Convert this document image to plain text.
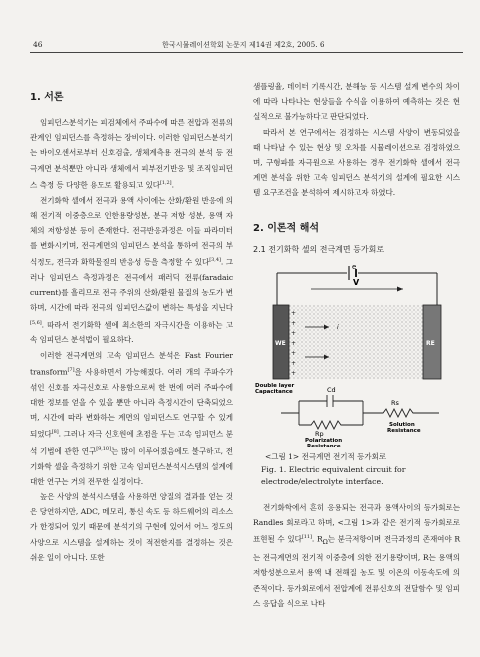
46	한국시뮬레이션학회 논문지 제14권 제2호, 2005. 6
1. 서론

임피던스분석기는 피검체에서 주파수에 따른 전압과 전류의 관계인 임피던스를 측정하는 장비이다. 이러한 임피던스분석기는 바이오센서로부터 신호검출, 생체계측용 전극의 분석 등 전극계면 분석뿐만 아니라 생체에서 피부전기반응 및 조직임피던스 측정 등 다양한 용도로 활용되고 있다[1,2].

전기화학 셀에서 전극과 용액 사이에는 산화/환원 반응에 의해 전기적 이중층으로 인한용량성분, 분극 저항 성분, 용액 자체의 저항성분 등이 존재한다. 전극반응과정은 이들 파라미터를 변화시키며, 전극계면의 임피던스 분석을 통하여 전극의 부식정도, 전극과 화학물질의 반응성 등을 측정할 수 있다[3,4]. 그러나 임피던스 측정과정은 전극에서 패러딕 전류(faradaic current)를 흘리므로 전극 주위의 산화/환원 물질의 농도가 변하며, 시간에 따라 전극의 임피던스값이 변하는 특성을 지닌다[5,6]. 따라서 전기화학 셀에 최소한의 자극시간을 이용하는 고속 임피던스 분석법이 필요하다.

이러한 전극계면의 고속 임피던스 분석은 Fast Fourier transform[7]을 사용하면서 가능해졌다. 여러 개의 주파수가 섞인 신호를 자극신호로 사용함으로써 한 번에 여러 주파수에 대한 정보를 얻을 수 있을 뿐만 아니라 측정시간이 단축되었으며, 시간에 따라 변화하는 계면의 임피던스도 연구할 수 있게 되었다[8]. 그러나 자극 신호원에 초점을 두는 고속 임피던스 분석 기법에 관한 연구[9,10]는 많이 이루어졌음에도 불구하고, 전기화학 셀을 측정하기 위한 고속 임피던스분석시스템의 설계에 대한 연구는 거의 전무한 실정이다.

높은 사양의 분석시스템을 사용하면 양질의 결과를 얻는 것은 당연하지만, ADC, 메모리, 통신 속도 등 하드웨어의 리소스가 한정되어 있기 때문에 분석기의 구현에 있어서 어느 정도의 사양으로 시스템을 설계하는 것이 적전한지를 결정하는 것은 쉬운 일이 아니다. 또한

샘플링율, 데이터 기록시간, 분해능 등 시스템 설계 변수의 차이에 따라 나타나는 현상들을 수식을 이용하여 예측하는 것은 현실적으로 불가능하다고 판단되었다.

따라서 본 연구에서는 검정하는 시스템 사양이 변동되었을 때 나타날 수 있는 현상 및 오차를 시뮬레이션으로 검정하였으며, 구형파를 자극원으로 사용하는 경우 전기화학 셀에서 전극계면 분석을 위한 고속 임피던스 분석기의 설계에 필요한 시스템 요구조건을 분석하여 제시하고자 하였다.

2. 이론적 해석
2.1 전기화학 셀의 전극계면 등가회로
e
V
WE
+
+
+
+
+
+
+
RE
i
Double layer
Capacitance	Cd
Rp
Rs
Polarization
Resistance
Solution
Resistance
<그림 1> 전극계면 전기적 등가회로
Fig. 1. Electric equivalent circuit for electrode/electrolyte interface.

전기화학에서 흔히 응용되는 전극과 용액사이의 등가회로는 Randles 회로라고 하며, <그림 1>과 같은 전기적 등가회로로 표현될 수 있다[11]. $R_\Omega$는 분극저항이며 전극과정의 존재여야 R는 전극계면의 전기적 이중층에 의한 전기용량이며, R는 용액의 저항성분으로서 용액 내 전해질 농도 및 이온의 이동속도에 의존적이다. 등가회로에서 전압계에 전류신호의 전달함수 및 임피스 응답을 식으로 나타
